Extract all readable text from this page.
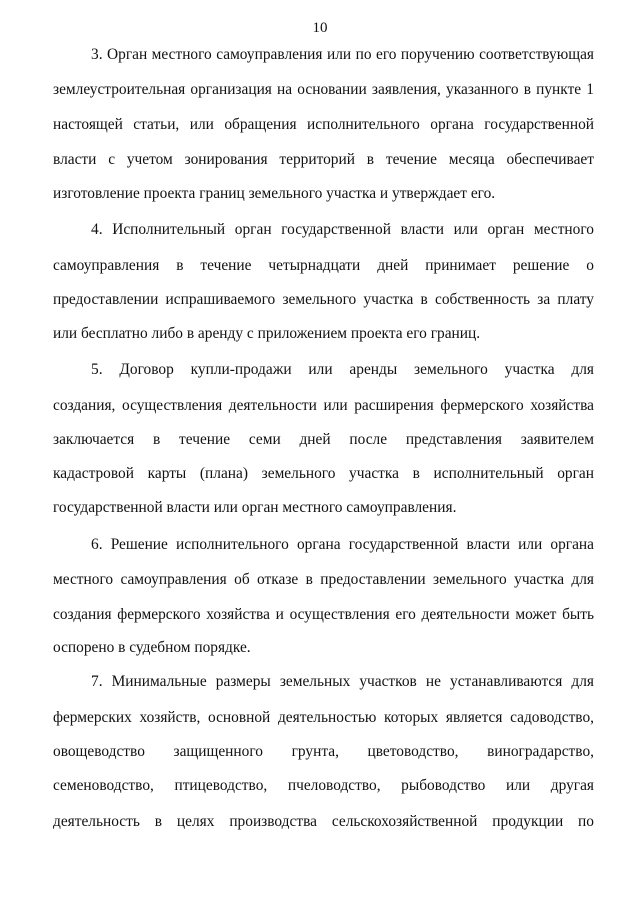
10
3. Орган местного самоуправления или по его поручению соответствующая
землеустроительная организация на основании заявления, указанного в пункте 1
настоящей статьи, или обращения исполнительного органа государственной
власти с учетом зонирования территорий в течение месяца обеспечивает
изготовление проекта границ земельного участка и утверждает его.
4. Исполнительный орган государственной власти или орган местного
самоуправления в течение четырнадцати дней принимает решение о
предоставлении испрашиваемого земельного участка в собственность за плату
или бесплатно либо в аренду с приложением проекта его границ.
5. Договор купли-продажи или аренды земельного участка для
создания, осуществления деятельности или расширения фермерского хозяйства
заключается в течение семи дней после представления заявителем
кадастровой карты (плана) земельного участка в исполнительный орган
государственной власти или орган местного самоуправления.
6. Решение исполнительного органа государственной власти или органа
местного самоуправления об отказе в предоставлении земельного участка для
создания фермерского хозяйства и осуществления его деятельности может быть
оспорено в судебном порядке.
7. Минимальные размеры земельных участков не устанавливаются для
фермерских хозяйств, основной деятельностью которых является садоводство,
овощеводство защищенного грунта, цветоводство, виноградарство,
семеноводство, птицеводство, пчеловодство, рыбоводство или другая
деятельность в целях производства сельскохозяйственной продукции по
